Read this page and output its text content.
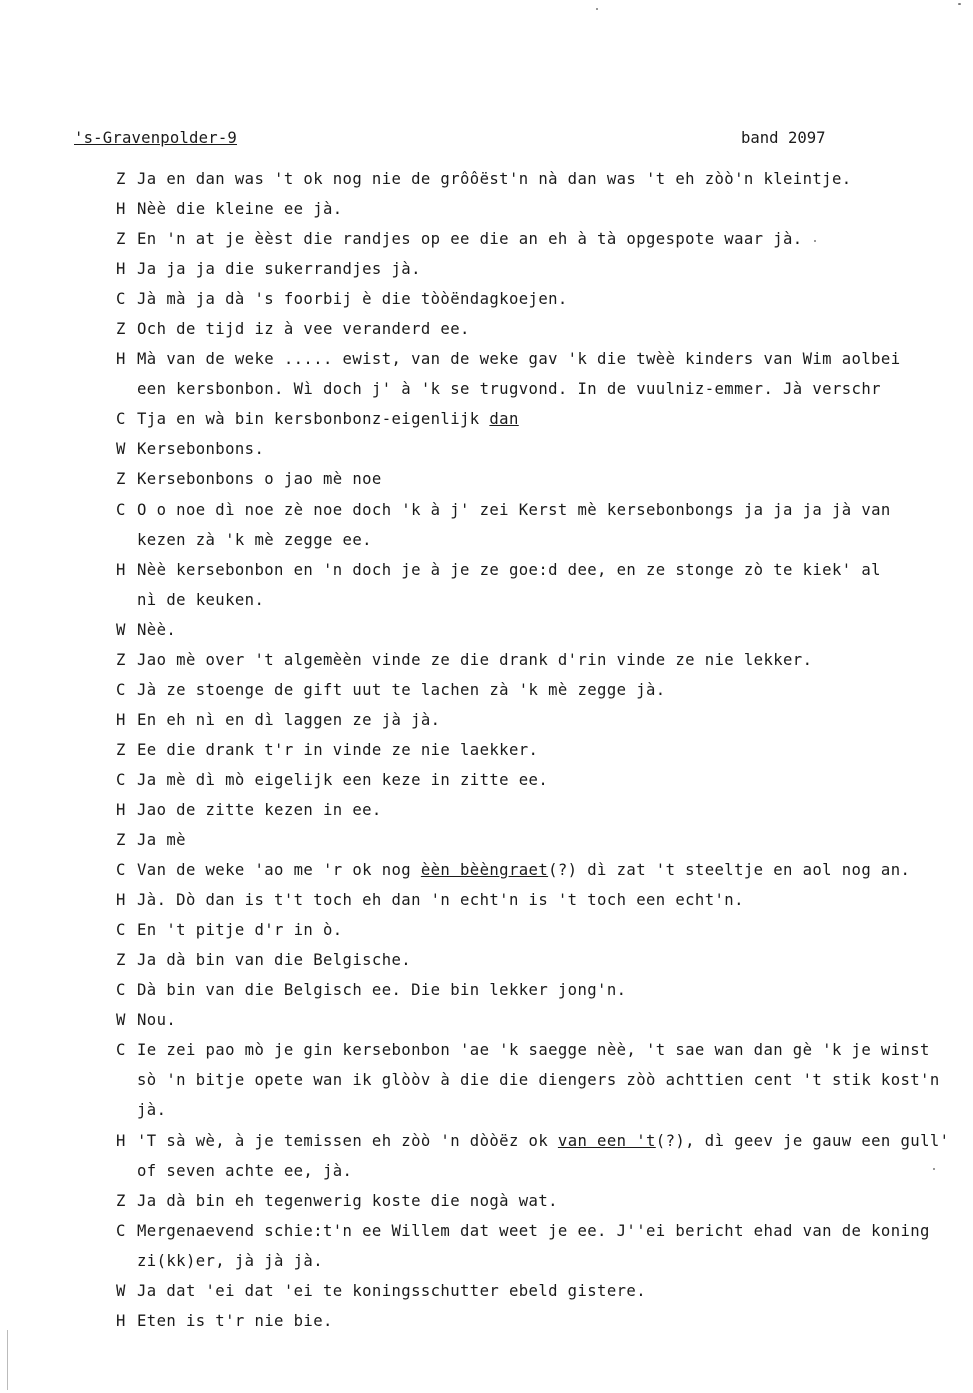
's-Gravenpolder-9	band 2097
Z Ja en dan was 't ok nog nie de grôôëst'n nà dan was 't eh zòò'n kleintje.
H Nèè die kleine ee jà.
Z En 'n at je èèst die randjes op ee die an eh à tà opgespote waar jà.
H Ja ja ja die sukerrandjes jà.
C Jà mà ja dà 's foorbij è die tòòëndagkoejen.
Z Och de tijd iz à vee veranderd ee.
H Mà van de weke ..... ewist, van de weke gav 'k die twèè kinders van Wim aolbei
een kersbonbon. Wì doch j' à 'k se trugvond. In de vuulniz-emmer. Jà verschr
C Tja en wà bin kersbonbonz-eigenlijk dan
W Kersebonbons.
Z Kersebonbons o jao mè noe
C O o noe dì noe zè noe doch 'k à j' zei Kerst mè kersebonbongs ja ja ja jà van
kezen zà 'k mè zegge ee.
H Nèè kersebonbon en 'n doch je à je ze goe:d dee, en ze stonge zò te kiek' al
nì de keuken.
W Nèè.
Z Jao mè over 't algemèèn vinde ze die drank d'rin vinde ze nie lekker.
C Jà ze stoenge de gift uut te lachen zà 'k mè zegge jà.
H En eh nì en dì laggen ze jà jà.
Z Ee die drank t'r in vinde ze nie laekker.
C Ja mè dì mò eigelijk een keze in zitte ee.
H Jao de zitte kezen in ee.
Z Ja mè
C Van de weke 'ao me 'r ok nog èèn bèèngraet (?) dì zat 't steeltje en aol nog an.
H Jà. Dò dan is t't toch eh dan 'n echt'n is 't toch een echt'n.
C En 't pitje d'r in ò.
Z Ja dà bin van die Belgische.
C Dà bin van die Belgisch ee. Die bin lekker jong'n.
W Nou.
C Ie zei pao mò je gin kersebonbon 'ae 'k saegge nèè, 't sae wan dan gè 'k je winst
sò 'n bitje opete wan ik glòòv à die die diengers zòò achttien cent 't stik kost'n
jà.
H 'T sà wè, à je temissen eh zòò 'n dòòëz ok van een 't (?), dì geev je gauw een gull'
of seven achte ee, jà.
Z Ja dà bin eh tegenwerig koste die nogà wat.
C Mergenaevend schie:t'n ee Willem dat weet je ee. J''ei bericht ehad van de koning
zi(kk)er, jà jà jà.
W Ja dat 'ei dat 'ei te koningsschutter ebeld gistere.
H Eten is t'r nie bie.
